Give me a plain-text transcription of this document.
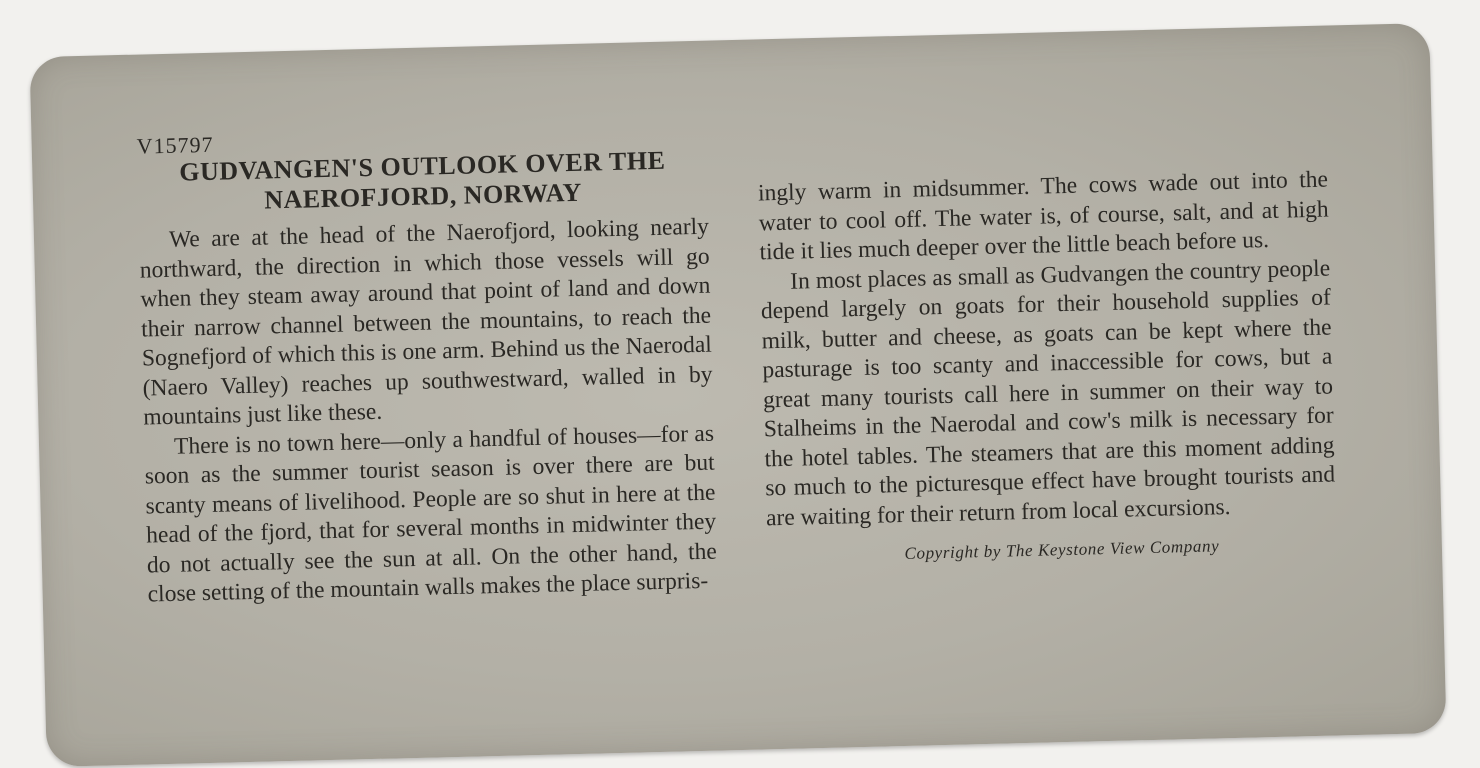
V15797
GUDVANGEN'S OUTLOOK OVER THE
NAEROFJORD, NORWAY

We are at the head of the Naerofjord, looking nearly northward, the direction in which those vessels will go when they steam away around that point of land and down their narrow channel between the mountains, to reach the Sognefjord of which this is one arm. Behind us the Naerodal (Naero Valley) reaches up southwestward, walled in by mountains just like these.

There is no town here—only a handful of houses—for as soon as the summer tourist season is over there are but scanty means of livelihood. People are so shut in here at the head of the fjord, that for several months in midwinter they do not actually see the sun at all. On the other hand, the close setting of the mountain walls makes the place surpris-

ingly warm in midsummer. The cows wade out into the water to cool off. The water is, of course, salt, and at high tide it lies much deeper over the little beach before us.

In most places as small as Gudvangen the country people depend largely on goats for their household supplies of milk, butter and cheese, as goats can be kept where the pasturage is too scanty and inaccessible for cows, but a great many tourists call here in summer on their way to Stalheims in the Naerodal and cow's milk is necessary for the hotel tables. The steamers that are this moment adding so much to the picturesque effect have brought tourists and are waiting for their return from local excursions.

Copyright by The Keystone View Company
